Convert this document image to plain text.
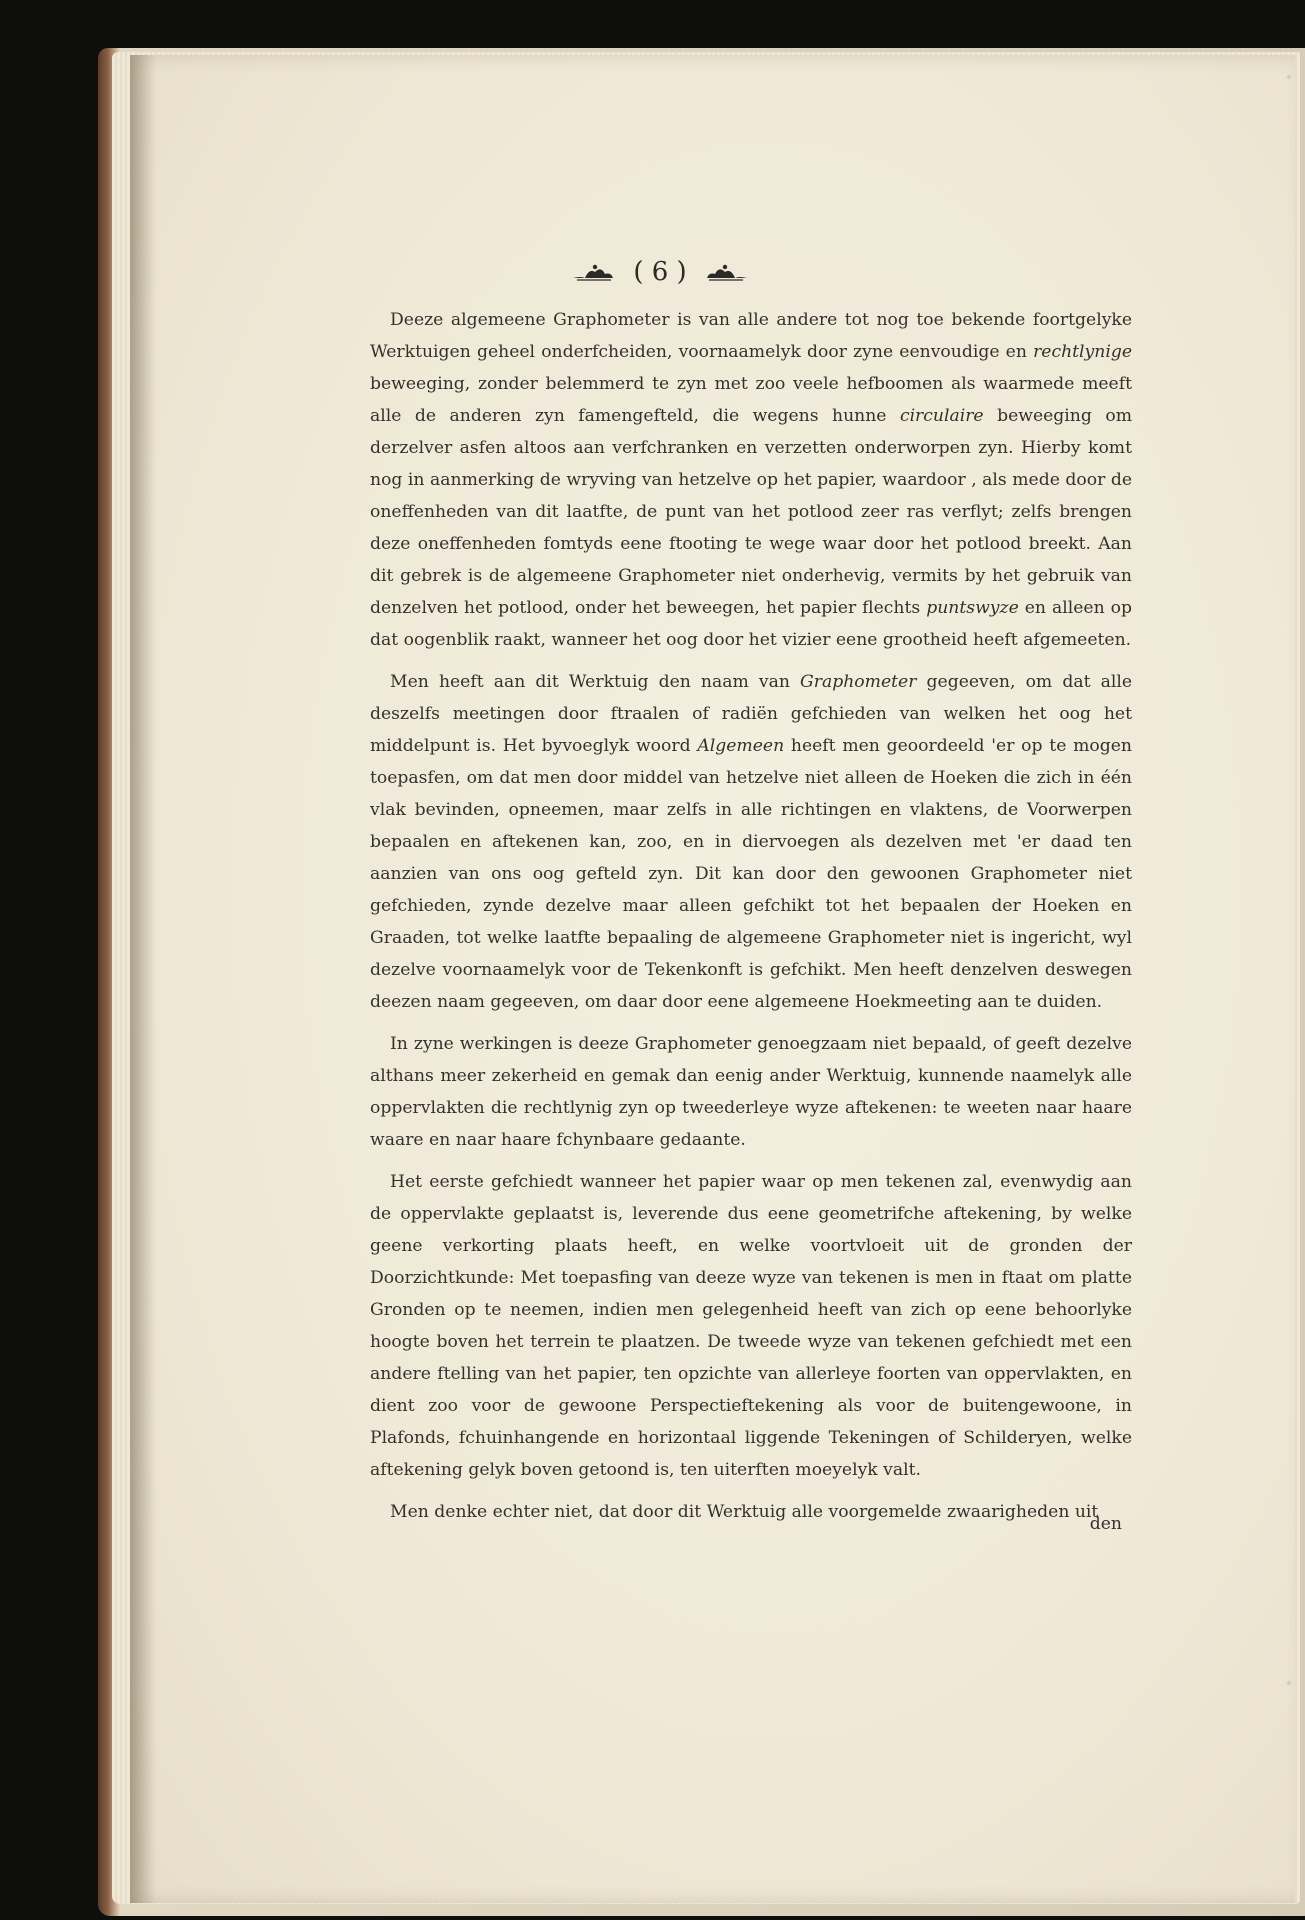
( 6 )

Deeze algemeene Graphometer is van alle andere tot nog toe bekende foortgelyke Werktuigen geheel onderfcheiden, voornaamelyk door zyne eenvoudige en rechtlynige beweeging, zonder belemmerd te zyn met zoo veele hefboomen als waarmede meeft alle de anderen zyn famengefteld, die wegens hunne circulaire beweeging om derzelver asfen altoos aan verfchranken en verzetten onderworpen zyn. Hierby komt nog in aanmerking de wryving van hetzelve op het papier, waardoor , als mede door de oneffenheden van dit laatfte, de punt van het potlood zeer ras verflyt; zelfs brengen deze oneffenheden fomtyds eene ftooting te wege waar door het potlood breekt. Aan dit gebrek is de algemeene Graphometer niet onderhevig, vermits by het gebruik van denzelven het potlood, onder het beweegen, het papier flechts puntswyze en alleen op dat oogenblik raakt, wanneer het oog door het vizier eene grootheid heeft afgemeeten.

Men heeft aan dit Werktuig den naam van Graphometer gegeeven, om dat alle deszelfs meetingen door ftraalen of radiën gefchieden van welken het oog het middelpunt is. Het byvoeglyk woord Algemeen heeft men geoordeeld 'er op te mogen toepasfen, om dat men door middel van hetzelve niet alleen de Hoeken die zich in één vlak bevinden, opneemen, maar zelfs in alle richtingen en vlaktens, de Voorwerpen bepaalen en aftekenen kan, zoo, en in diervoegen als dezelven met 'er daad ten aanzien van ons oog gefteld zyn. Dit kan door den gewoonen Graphometer niet gefchieden, zynde dezelve maar alleen gefchikt tot het bepaalen der Hoeken en Graaden, tot welke laatfte bepaaling de algemeene Graphometer niet is ingericht, wyl dezelve voornaamelyk voor de Tekenkonft is gefchikt. Men heeft denzelven deswegen deezen naam gegeeven, om daar door eene algemeene Hoekmeeting aan te duiden.

In zyne werkingen is deeze Graphometer genoegzaam niet bepaald, of geeft dezelve althans meer zekerheid en gemak dan eenig ander Werktuig, kunnende naamelyk alle oppervlakten die rechtlynig zyn op tweederleye wyze aftekenen: te weeten naar haare waare en naar haare fchynbaare gedaante.

Het eerste gefchiedt wanneer het papier waar op men tekenen zal, evenwydig aan de oppervlakte geplaatst is, leverende dus eene geometrifche aftekening, by welke geene verkorting plaats heeft, en welke voortvloeit uit de gronden der Doorzichtkunde: Met toepasfing van deeze wyze van tekenen is men in ftaat om platte Gronden op te neemen, indien men gelegenheid heeft van zich op eene behoorlyke hoogte boven het terrein te plaatzen. De tweede wyze van tekenen gefchiedt met een andere ftelling van het papier, ten opzichte van allerleye foorten van oppervlakten, en dient zoo voor de gewoone Perspectieftekening als voor de buitengewoone, in Plafonds, fchuinhangende en horizontaal liggende Tekeningen of Schilderyen, welke aftekening gelyk boven getoond is, ten uiterften moeyelyk valt.

Men denke echter niet, dat door dit Werktuig alle voorgemelde zwaarigheden uit

den
